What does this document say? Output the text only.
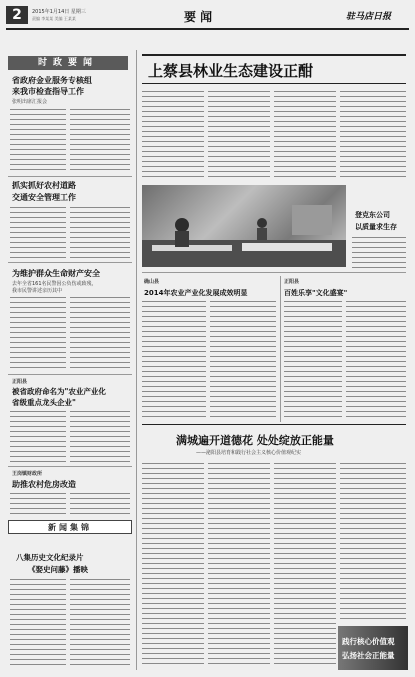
2	2015年1月14日 星期三
责编 李某某 美编 王某某	要 闻	驻马店日报
时政要闻
省政府金业服务专核组
来我市检查指导工作
张明出席汇报会
抓实抓好农村道路
交通安全管理工作
为维护群众生命财产安全
去年全省161名民警因公负伤或致残，
我市民警讲述亲历其中
正阳县
被省政府命名为"农业产业化
省级重点龙头企业"
王岗镇财政所
助推农村危房改造
新闻集锦
八集历史文化纪录片
《娶史问藤》播映
上蔡县林业生态建设正酣
登克东公司
以质量求生存
确山县
2014年农业产业化发展成效明显
正阳县
百姓乐享"文化盛宴"
满城遍开道德花 处处绽放正能量
——泌阳县培育和践行社会主义核心价值观纪实
践行核心价值观
弘扬社会正能量
